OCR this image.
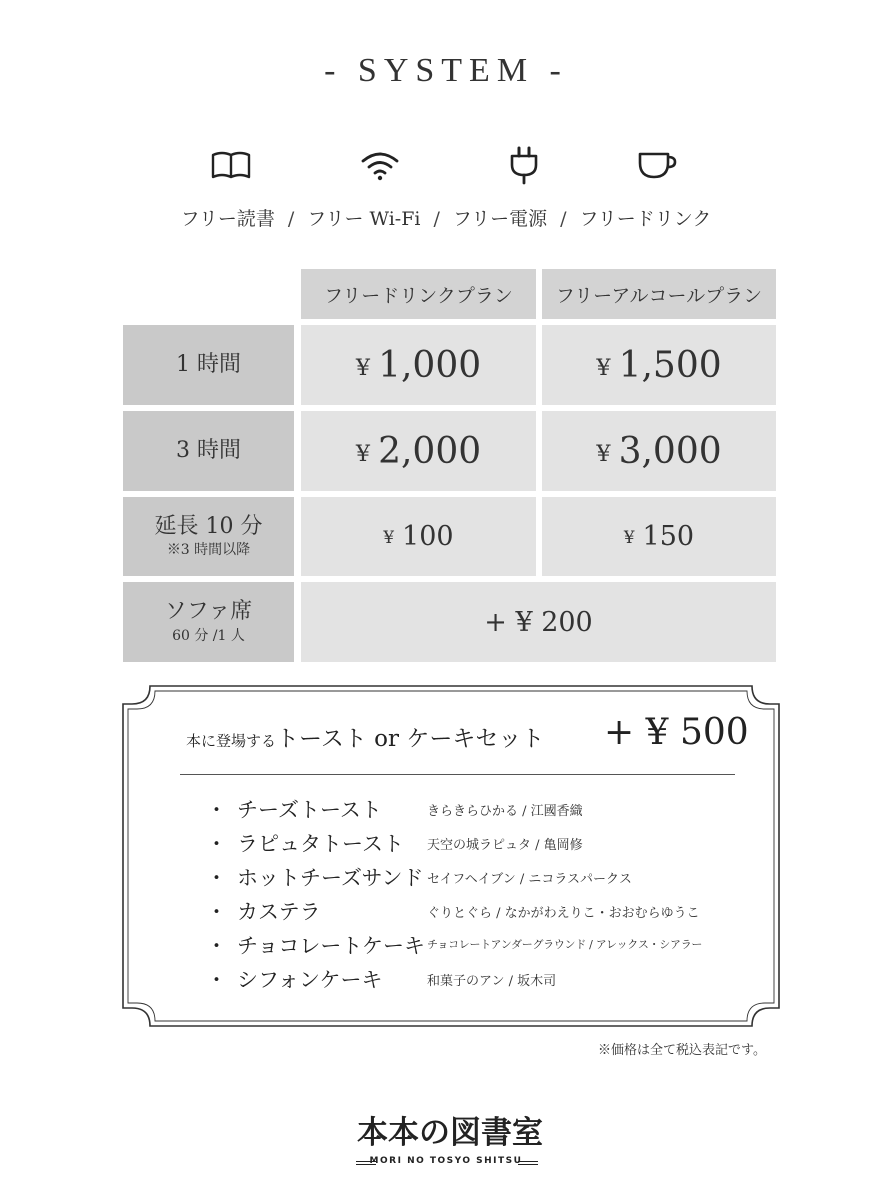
- SYSTEM -
フリー読書 / フリー Wi-Fi / フリー電源 / フリードリンク
フリードリンクプラン	フリーアルコールプラン
1 時間	¥ 1,000	¥ 1,500
3 時間	¥ 2,000	¥ 3,000
延長 10 分
※3 時間以降
¥ 100	¥ 150
ソファ席
60 分 /1 人	+ ¥ 200
本に登場するトースト or ケーキセット + ¥ 500
・ チーズトースト	きらきらひかる / 江國香織
・ ラピュタトースト 天空の城ラピュタ / 亀岡修
・ ホットチーズサンド セイフヘイブン / ニコラスパークス
・ カステラ	ぐりとぐら / なかがわえりこ・おおむらゆうこ
・ チョコレートケーキ チョコレートアンダーグラウンド / アレックス・シアラー
・ シフォンケーキ	和菓子のアン / 坂木司
※価格は全て税込表記です。
本本の図書室
MORI NO TOSYO SHITSU
